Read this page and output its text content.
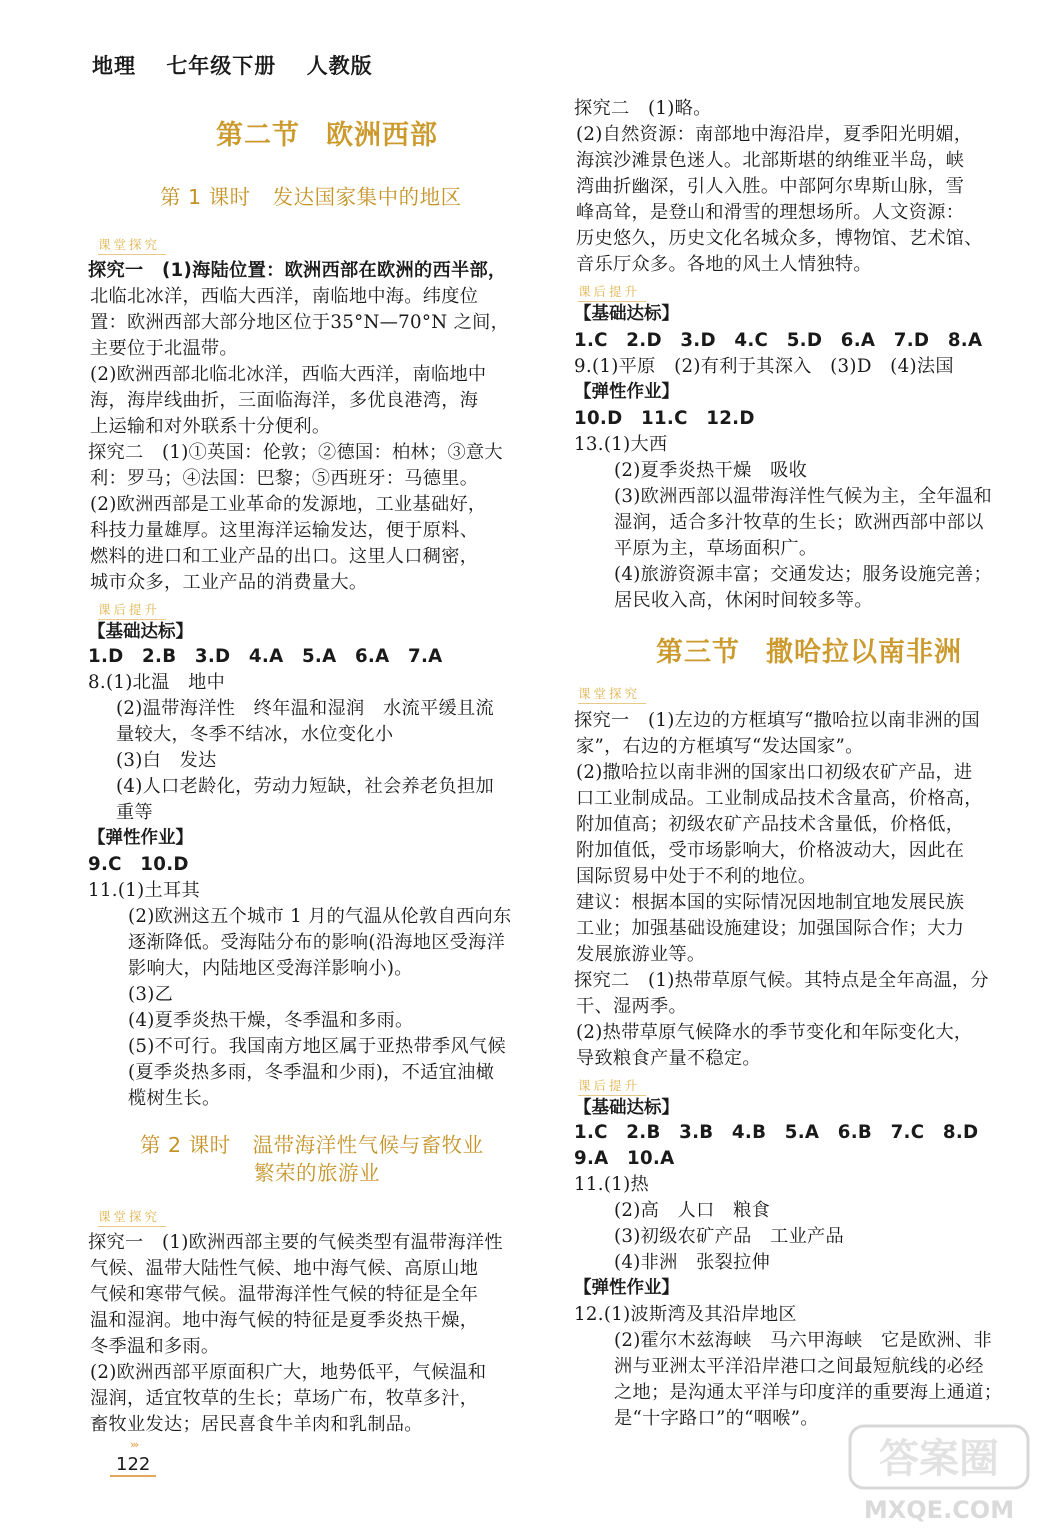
地理 七年级下册 人教版
第二节 欧洲西部
第 1 课时 发达国家集中的地区
课堂探究
探究一　(1)海陆位置：欧洲西部在欧洲的西半部，
北临北冰洋，西临大西洋，南临地中海。纬度位
置：欧洲西部大部分地区位于35°N—70°N 之间，
主要位于北温带。
(2)欧洲西部北临北冰洋，西临大西洋，南临地中
海，海岸线曲折，三面临海洋，多优良港湾，海
上运输和对外联系十分便利。
探究二　(1)①英国：伦敦；②德国：柏林；③意大
利：罗马；④法国：巴黎；⑤西班牙：马德里。
(2)欧洲西部是工业革命的发源地，工业基础好，
科技力量雄厚。这里海洋运输发达，便于原料、
燃料的进口和工业产品的出口。这里人口稠密，
城市众多，工业产品的消费量大。
课后提升
【基础达标】
1.D　2.B　3.D　4.A　5.A　6.A　7.A
8.(1)北温　地中
(2)温带海洋性　终年温和湿润　水流平缓且流
量较大，冬季不结冰，水位变化小
(3)白　发达
(4)人口老龄化，劳动力短缺，社会养老负担加
重等
【弹性作业】
9.C　10.D
11.(1)土耳其
(2)欧洲这五个城市 1 月的气温从伦敦自西向东
逐渐降低。受海陆分布的影响(沿海地区受海洋
影响大，内陆地区受海洋影响小)。
(3)乙
(4)夏季炎热干燥，冬季温和多雨。
(5)不可行。我国南方地区属于亚热带季风气候
(夏季炎热多雨，冬季温和少雨)，不适宜油橄
榄树生长。
第 2 课时 温带海洋性气候与畜牧业
繁荣的旅游业
课堂探究
探究一　(1)欧洲西部主要的气候类型有温带海洋性
气候、温带大陆性气候、地中海气候、高原山地
气候和寒带气候。温带海洋性气候的特征是全年
温和湿润。地中海气候的特征是夏季炎热干燥，
冬季温和多雨。
(2)欧洲西部平原面积广大，地势低平，气候温和
湿润，适宜牧草的生长；草场广布，牧草多汁，
畜牧业发达；居民喜食牛羊肉和乳制品。
探究二　(1)略。
(2)自然资源：南部地中海沿岸，夏季阳光明媚，
海滨沙滩景色迷人。北部斯堪的纳维亚半岛，峡
湾曲折幽深，引人入胜。中部阿尔卑斯山脉，雪
峰高耸，是登山和滑雪的理想场所。人文资源：
历史悠久，历史文化名城众多，博物馆、艺术馆、
音乐厅众多。各地的风土人情独特。
课后提升
【基础达标】
1.C　2.D　3.D　4.C　5.D　6.A　7.D　8.A
9.(1)平原　(2)有利于其深入　(3)D　(4)法国
【弹性作业】
10.D　11.C　12.D
13.(1)大西
(2)夏季炎热干燥　吸收
(3)欧洲西部以温带海洋性气候为主，全年温和
湿润，适合多汁牧草的生长；欧洲西部中部以
平原为主，草场面积广。
(4)旅游资源丰富；交通发达；服务设施完善；
居民收入高，休闲时间较多等。
第三节 撒哈拉以南非洲
课堂探究
探究一　(1)左边的方框填写“撒哈拉以南非洲的国
家”，右边的方框填写“发达国家”。
(2)撒哈拉以南非洲的国家出口初级农矿产品，进
口工业制成品。工业制成品技术含量高，价格高，
附加值高；初级农矿产品技术含量低，价格低，
附加值低，受市场影响大，价格波动大，因此在
国际贸易中处于不利的地位。
建议：根据本国的实际情况因地制宜地发展民族
工业；加强基础设施建设；加强国际合作；大力
发展旅游业等。
探究二　(1)热带草原气候。其特点是全年高温，分
干、湿两季。
(2)热带草原气候降水的季节变化和年际变化大，
导致粮食产量不稳定。
课后提升
【基础达标】
1.C　2.B　3.B　4.B　5.A　6.B　7.C　8.D
9.A　10.A
11.(1)热
(2)高　人口　粮食
(3)初级农矿产品　工业产品
(4)非洲　张裂拉伸
【弹性作业】
12.(1)波斯湾及其沿岸地区
(2)霍尔木兹海峡　马六甲海峡　它是欧洲、非
洲与亚洲太平洋沿岸港口之间最短航线的必经
之地；是沟通太平洋与印度洋的重要海上通道；
是“十字路口”的“咽喉”。
›››
122	答案圈
MXQE.COM
